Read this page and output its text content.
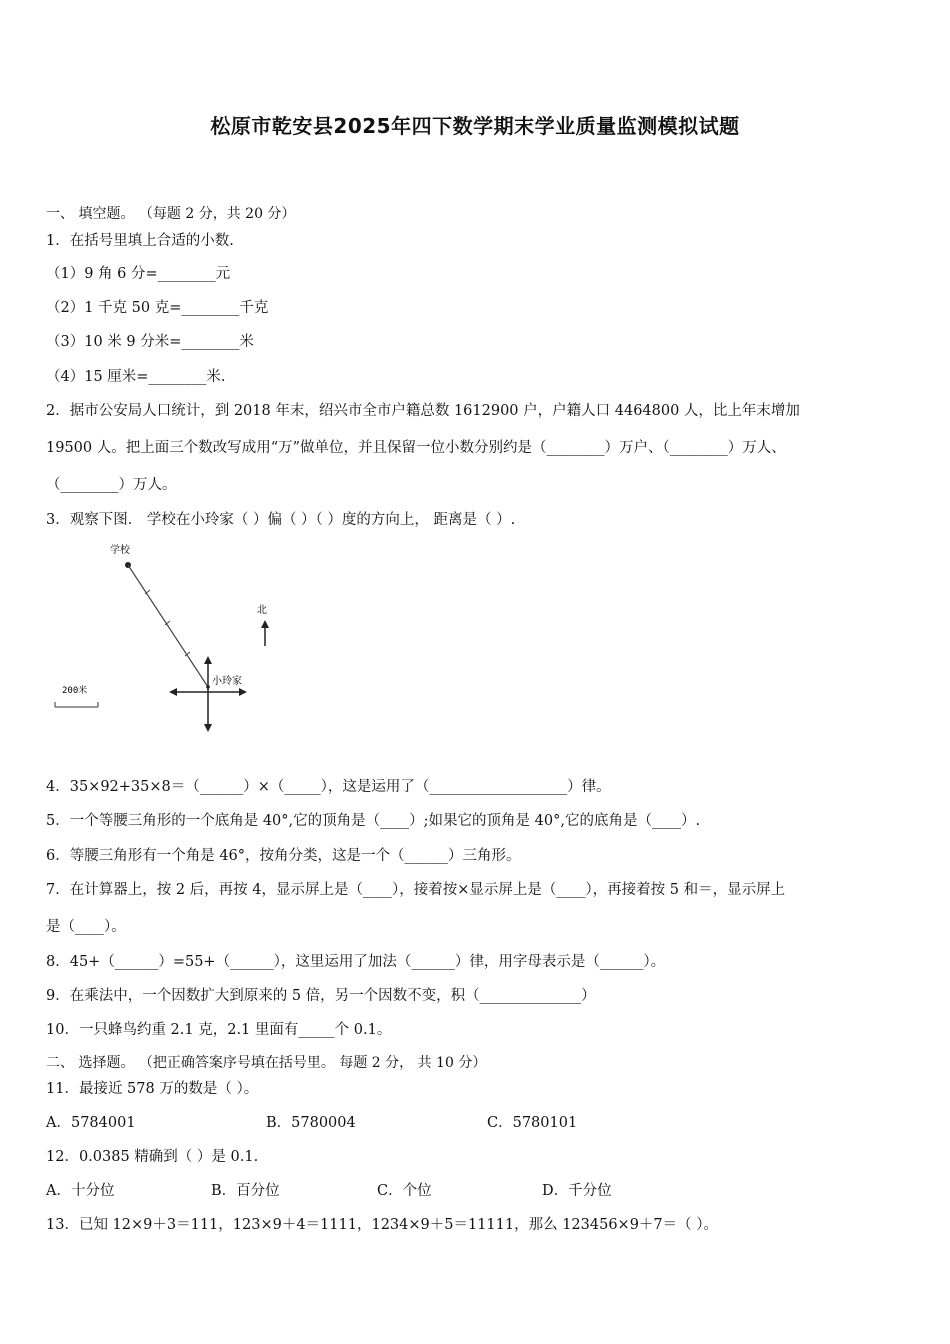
松原市乾安县2025年四下数学期末学业质量监测模拟试题
一、 填空题。 （每题 2 分，共 20 分）
1．在括号里填上合适的小数.
（1）9 角 6 分=________元
（2）1 千克 50 克=________千克
（3）10 米 9 分米=________米
（4）15 厘米=________米.
2．据市公安局人口统计，到 2018 年末，绍兴市全市户籍总数 1612900 户，户籍人口 4464800 人，比上年末增加
19500 人。把上面三个数改写成用“万”做单位，并且保留一位小数分别约是（________）万户、（________）万人、
（________）万人。
3．观察下图． 学校在小玲家（ ）偏（ ）（ ）度的方向上， 距离是（ ）.
学校
小玲家
北
200米
4．35×92+35×8＝（______）×（_____），这是运用了（___________________）律。
5．一个等腰三角形的一个底角是 40°,它的顶角是（____）;如果它的顶角是 40°,它的底角是（____）.
6．等腰三角形有一个角是 46°，按角分类，这是一个（______）三角形。
7．在计算器上，按 2 后，再按 4，显示屏上是（____），接着按×显示屏上是（____），再接着按 5 和＝，显示屏上
是（____）。
8．45+（______）=55+（______），这里运用了加法（______）律，用字母表示是（______）。
9．在乘法中，一个因数扩大到原来的 5 倍，另一个因数不变，积（______________）
10．一只蜂鸟约重 2.1 克，2.1 里面有_____个 0.1。
二、 选择题。 （把正确答案序号填在括号里。 每题 2 分， 共 10 分）
11．最接近 578 万的数是（ ）。
A．5784001	B．5780004	C．5780101
12．0.0385 精确到（ ）是 0.1.
A．十分位	B．百分位	C．个位	D．千分位
13．已知 12×9＋3＝111，123×9＋4＝1111，1234×9＋5＝11111，那么 123456×9＋7＝（ ）。
